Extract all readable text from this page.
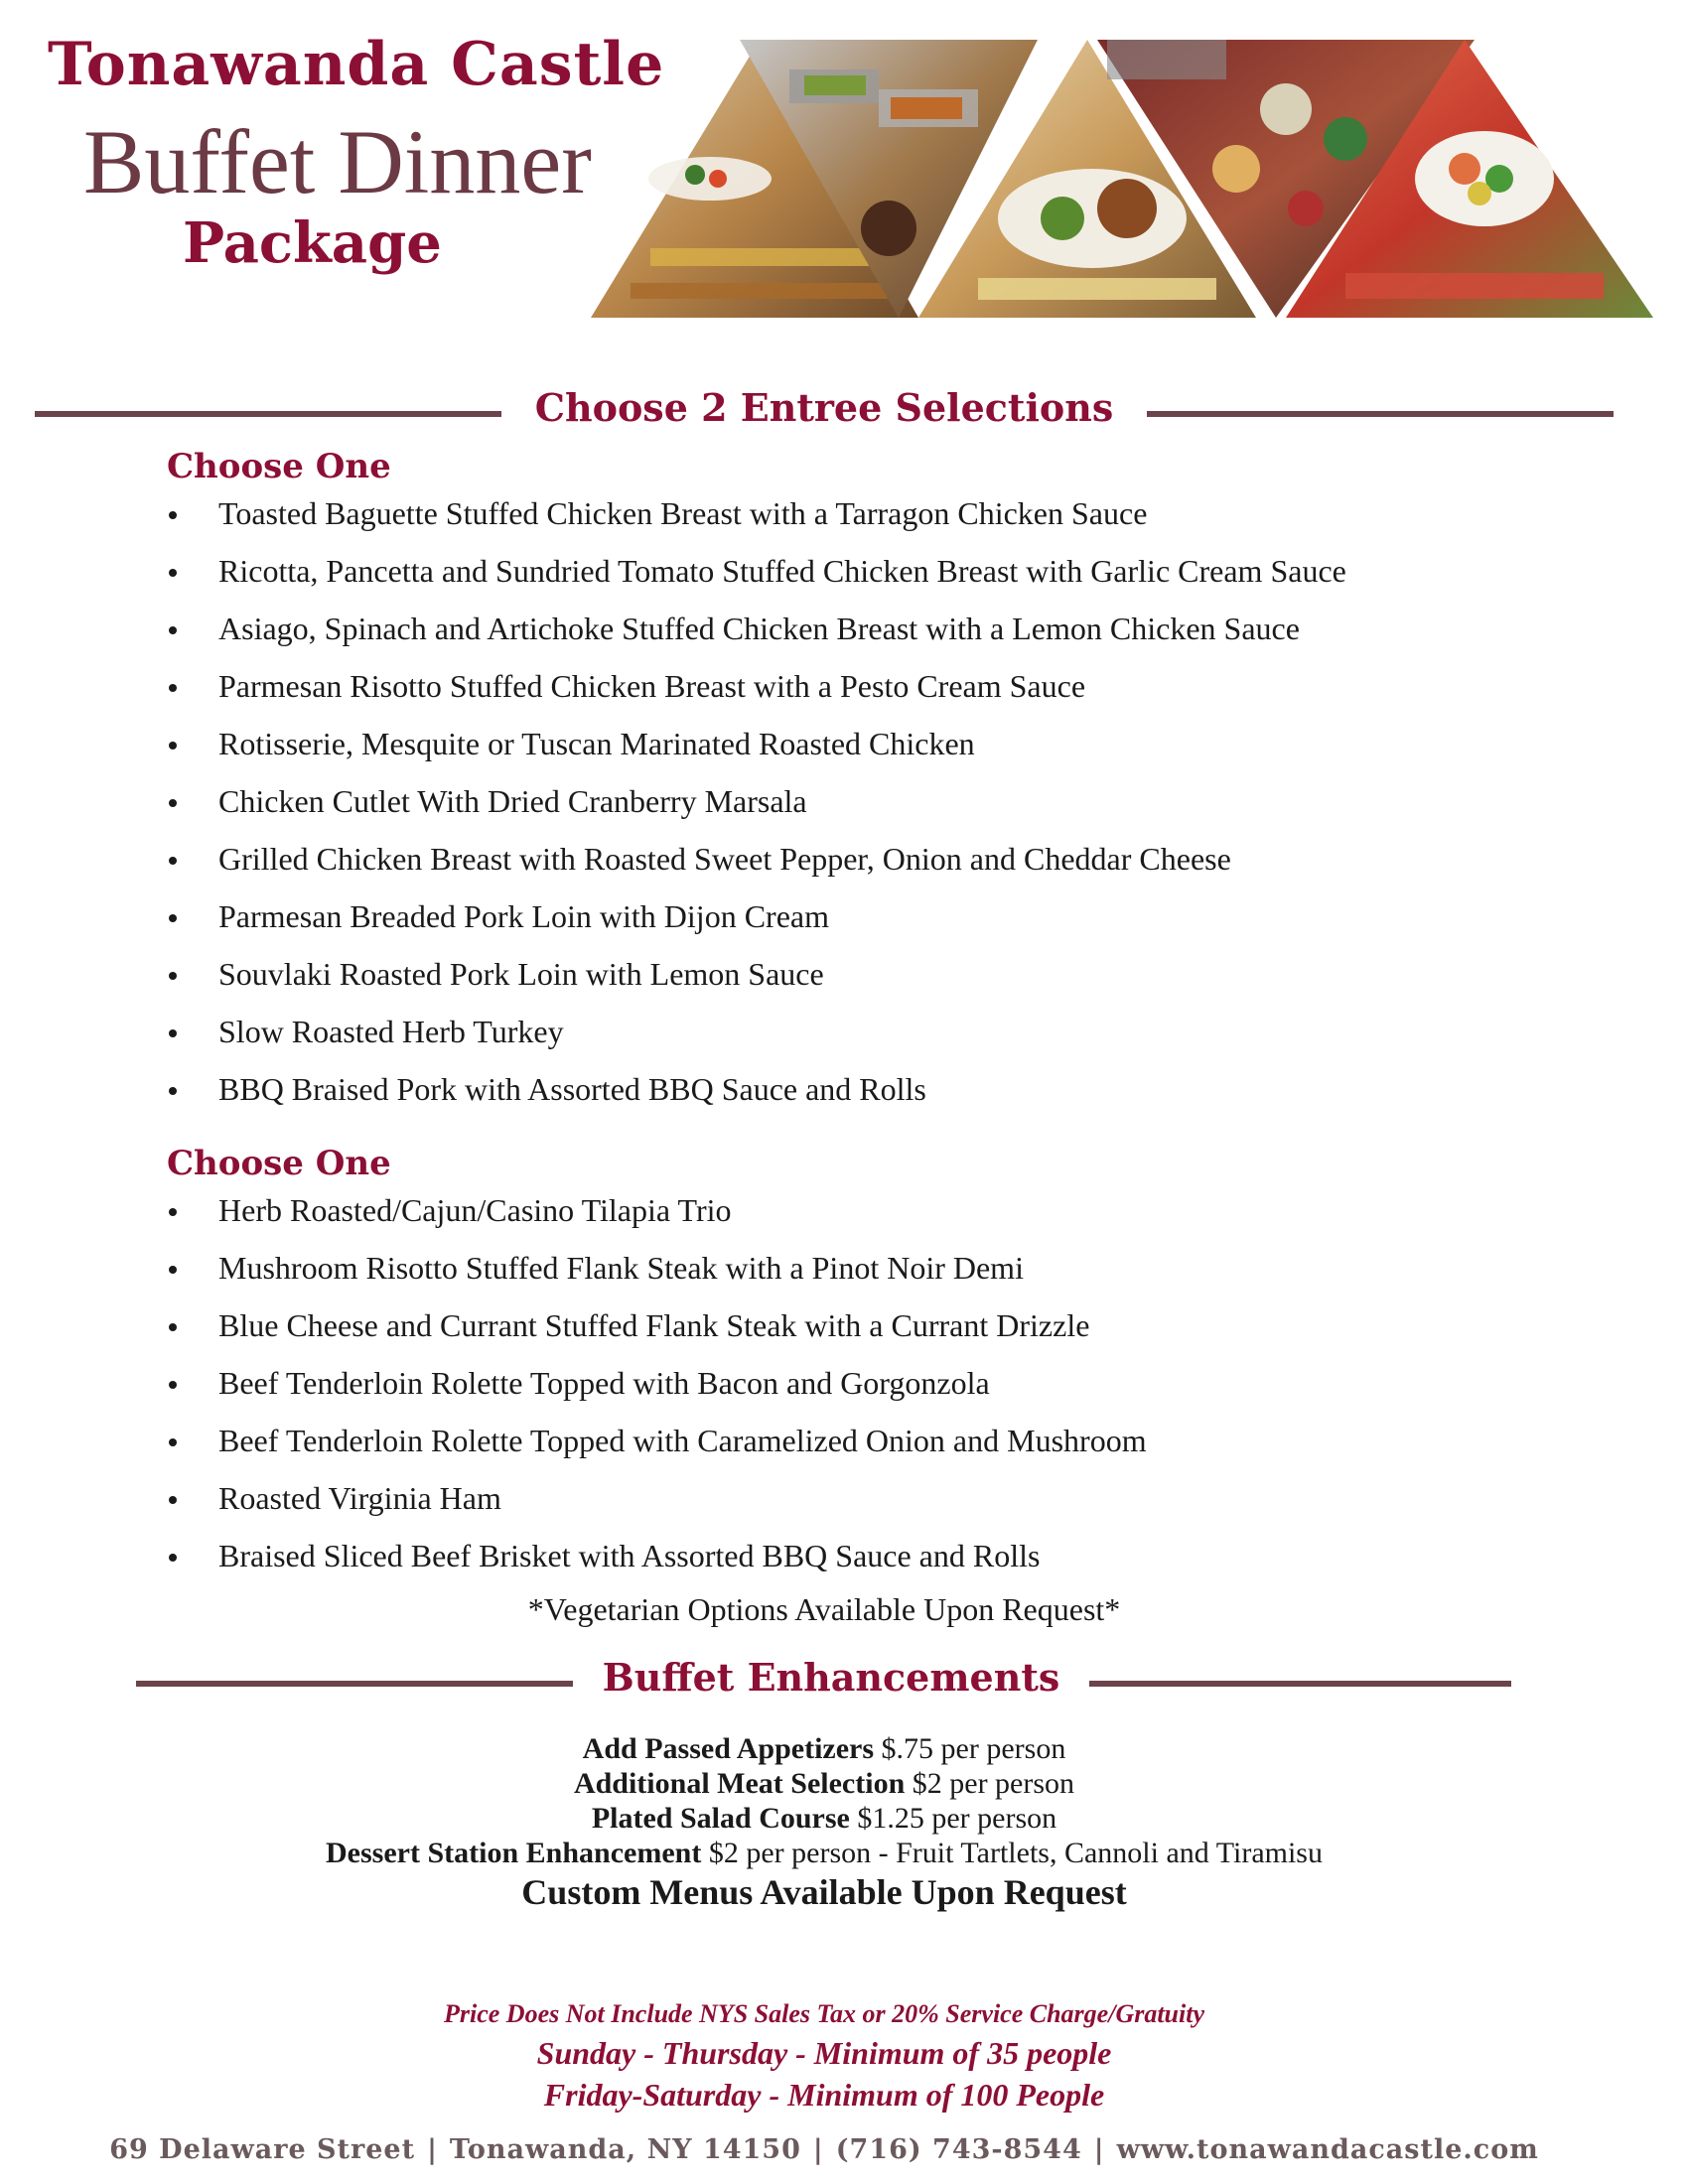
Tonawanda Castle
Buffet Dinner
Package
Choose 2 Entree Selections
Choose One
Toasted Baguette Stuffed Chicken Breast with a Tarragon Chicken Sauce
Ricotta, Pancetta and Sundried Tomato Stuffed Chicken Breast with Garlic Cream Sauce
Asiago, Spinach and Artichoke Stuffed Chicken Breast with a Lemon Chicken Sauce
Parmesan Risotto Stuffed Chicken Breast with a Pesto Cream Sauce
Rotisserie, Mesquite or Tuscan Marinated Roasted Chicken
Chicken Cutlet With Dried Cranberry Marsala
Grilled Chicken Breast with Roasted Sweet Pepper, Onion and Cheddar Cheese
Parmesan Breaded Pork Loin with Dijon Cream
Souvlaki Roasted Pork Loin with Lemon Sauce
Slow Roasted Herb Turkey
BBQ Braised Pork with Assorted BBQ Sauce and Rolls
Choose One
Herb Roasted/Cajun/Casino Tilapia Trio
Mushroom Risotto Stuffed Flank Steak with a Pinot Noir Demi
Blue Cheese and Currant Stuffed Flank Steak with a Currant Drizzle
Beef Tenderloin Rolette Topped with Bacon and Gorgonzola
Beef Tenderloin Rolette Topped with Caramelized Onion and Mushroom
Roasted Virginia Ham
Braised Sliced Beef Brisket with Assorted BBQ Sauce and Rolls
*Vegetarian Options Available Upon Request*
Buffet Enhancements
Add Passed Appetizers $.75 per person
Additional Meat Selection $2 per person
Plated Salad Course $1.25 per person
Dessert Station Enhancement $2 per person - Fruit Tartlets, Cannoli and Tiramisu
Custom Menus Available Upon Request
Price Does Not Include NYS Sales Tax or 20% Service Charge/Gratuity
Sunday - Thursday - Minimum of 35 people
Friday-Saturday - Minimum of 100 People
69 Delaware Street | Tonawanda, NY 14150 | (716) 743-8544 | www.tonawandacastle.com
